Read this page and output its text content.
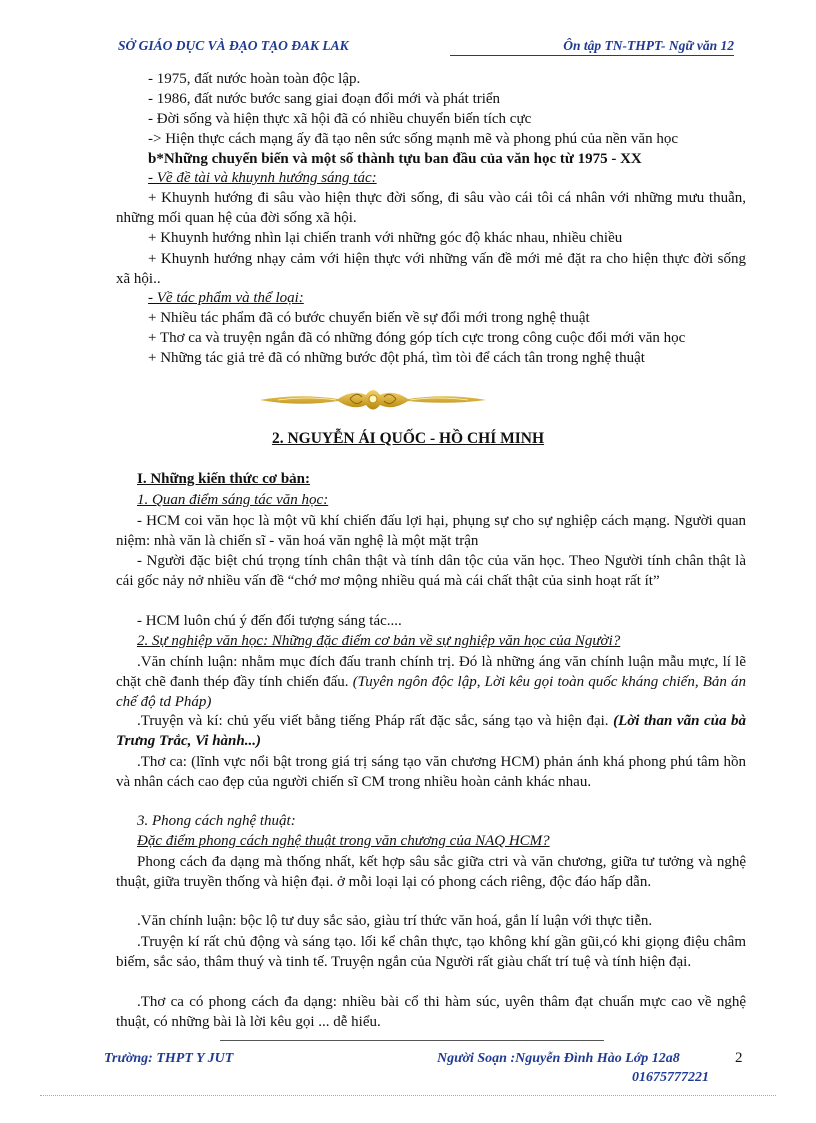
SỞ GIÁO DỤC VÀ ĐẠO TẠO ĐAK LAK	Ôn tập TN-THPT- Ngữ văn 12
- 1975, đất nước hoàn toàn độc lập.
- 1986, đất nước bước sang giai đoạn đổi mới và phát triển
- Đời sống và hiện thực xã hội đã có nhiều chuyển biến tích cực
-> Hiện thực cách mạng ấy đã tạo nên sức sống mạnh mẽ và phong phú của nền văn học
b*Những chuyển biến và một số thành tựu ban đầu của văn học từ 1975 - XX
- Về đề tài và khuynh hướng sáng tác:
+ Khuynh hướng đi sâu vào hiện thực đời sống, đi sâu vào cái tôi cá nhân với những mưu thuẫn, những mối quan hệ của đời sống xã hội.
+ Khuynh hướng nhìn lại chiến tranh với những góc độ khác nhau, nhiều chiều
+ Khuynh hướng nhạy cảm với hiện thực với những vấn đề mới mẻ đặt ra cho hiện thực đời sống xã hội..
- Về tác phẩm và thể loại:
+ Nhiều tác phẩm đã có bước chuyển biến về sự đổi mới trong nghệ thuật
+ Thơ ca và truyện ngắn đã có những đóng góp tích cực trong công cuộc đổi mới văn học
+ Những tác giả trẻ đã có những bước đột phá, tìm tòi để cách tân trong nghệ thuật
2. NGUYỄN ÁI QUỐC - HỒ CHÍ MINH
I. Những kiến thức cơ bản:
1. Quan điểm sáng tác văn học:
- HCM coi văn học là một vũ khí chiến đấu lợi hại, phụng sự cho sự nghiệp cách mạng. Người quan niệm: nhà văn là chiến sĩ - văn hoá văn nghệ là một mặt trận
- Người đặc biệt chú trọng tính chân thật và tính dân tộc của văn học. Theo Người tính chân thật là cái gốc nảy nở nhiều vấn đề “chớ mơ mộng nhiều quá mà cái chất thật của sinh hoạt rất ít”
- HCM luôn chú ý đến đối tượng sáng tác....
2. Sự nghiệp văn học: Những đặc điểm cơ bản về sự nghiệp văn học của Người?
.Văn chính luận: nhằm mục đích đấu tranh chính trị. Đó là những áng văn chính luận mẫu mực, lí lẽ chặt chẽ đanh thép đầy tính chiến đấu. (Tuyên ngôn độc lập, Lời kêu gọi toàn quốc kháng chiến, Bản án chế độ td Pháp)
.Truyện và kí: chủ yếu viết bằng tiếng Pháp rất đặc sắc, sáng tạo và hiện đại. (Lời than vãn của bà Trưng Trắc, Vi hành...)
.Thơ ca: (lĩnh vực nổi bật trong giá trị sáng tạo văn chương HCM) phản ánh khá phong phú tâm hồn và nhân cách cao đẹp của người chiến sĩ CM trong nhiều hoàn cảnh khác nhau.
3. Phong cách nghệ thuật:
Đặc điểm phong cách nghệ thuật trong văn chương của NAQ HCM?
Phong cách đa dạng mà thống nhất, kết hợp sâu sắc giữa ctri và văn chương, giữa tư tưởng và nghệ thuật, giữa truyền thống và hiện đại. ở mỗi loại lại có phong cách riêng, độc đáo hấp dẫn.
.Văn chính luận: bộc lộ tư duy sắc sảo, giàu trí thức văn hoá, gắn lí luận với thực tiễn.
.Truyện kí rất chủ động và sáng tạo. lối kể chân thực, tạo không khí gần gũi,có khi giọng điệu châm biếm, sắc sảo, thâm thuý và tinh tế. Truyện ngắn của Người rất giàu chất trí tuệ và tính hiện đại.
.Thơ ca có phong cách đa dạng: nhiều bài cổ thi hàm súc, uyên thâm đạt chuẩn mực cao về nghệ thuật, có những bài là lời kêu gọi ... dễ hiểu.
Trường: THPT Y JUT	Người Soạn :Nguyễn Đình Hào Lớp 12a8
01675777221
2
